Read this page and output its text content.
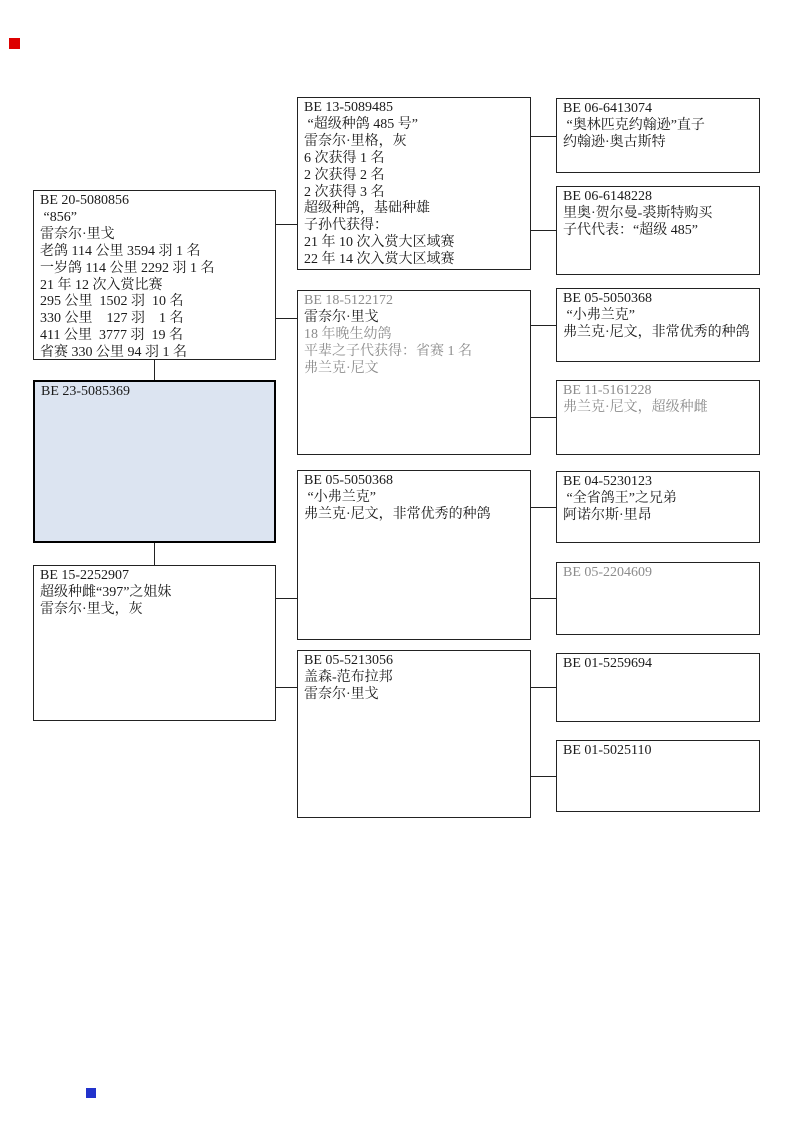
BE 20-5080856
“856”
雷奈尔·里戈
老鸽 114 公里 3594 羽 1 名
一岁鸽 114 公里 2292 羽 1 名
21 年 12 次入赏比赛
295 公里  1502 羽  10 名
330 公里    127 羽    1 名
411 公里  3777 羽  19 名
省赛 330 公里 94 羽 1 名
BE 23-5085369
BE 15-2252907
超级种雌“397”之姐妹
雷奈尔·里戈，灰
BE 13-5089485
“超级种鸽 485 号”
雷奈尔·里格，灰
6 次获得 1 名
2 次获得 2 名
2 次获得 3 名
超级种鸽，基础种雄
子孙代获得：
21 年 10 次入赏大区域赛
22 年 14 次入赏大区域赛
BE 18-5122172
雷奈尔·里戈
18 年晚生幼鸽
平辈之子代获得：省赛 1 名
弗兰克·尼文
BE 05-5050368
“小弗兰克”
弗兰克·尼文，非常优秀的种鸽
BE 05-5213056
盖森-范布拉邦
雷奈尔·里戈
BE 06-6413074
“奥林匹克约翰逊”直子
约翰逊·奥古斯特
BE 06-6148228
里奥·贺尔曼-裘斯特购买
子代代表：“超级 485”
BE 05-5050368
“小弗兰克”
弗兰克·尼文，非常优秀的种鸽
BE 11-5161228
弗兰克·尼文，超级种雌
BE 04-5230123
“全省鸽王”之兄弟
阿诺尔斯·里昂
BE 05-2204609
BE 01-5259694
BE 01-5025110
